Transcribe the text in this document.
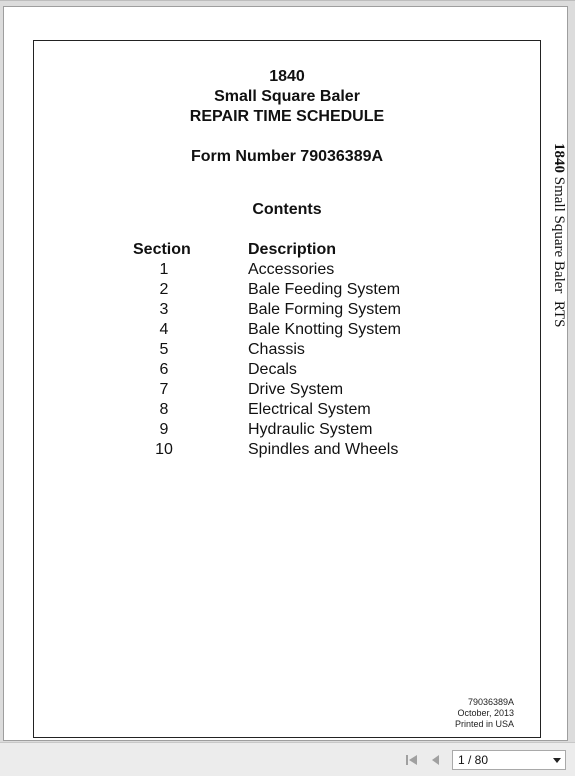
1840
Small Square Baler
REPAIR TIME SCHEDULE
Form Number 79036389A
Contents
Section	Description
1	Accessories
2	Bale Feeding System
3	Bale Forming System
4	Bale Knotting System
5	Chassis
6	Decals
7	Drive System
8	Electrical System
9	Hydraulic System
10	Spindles and Wheels
79036389A
October, 2013
Printed in USA
1840 Small Square Baler  RTS
1 / 80
